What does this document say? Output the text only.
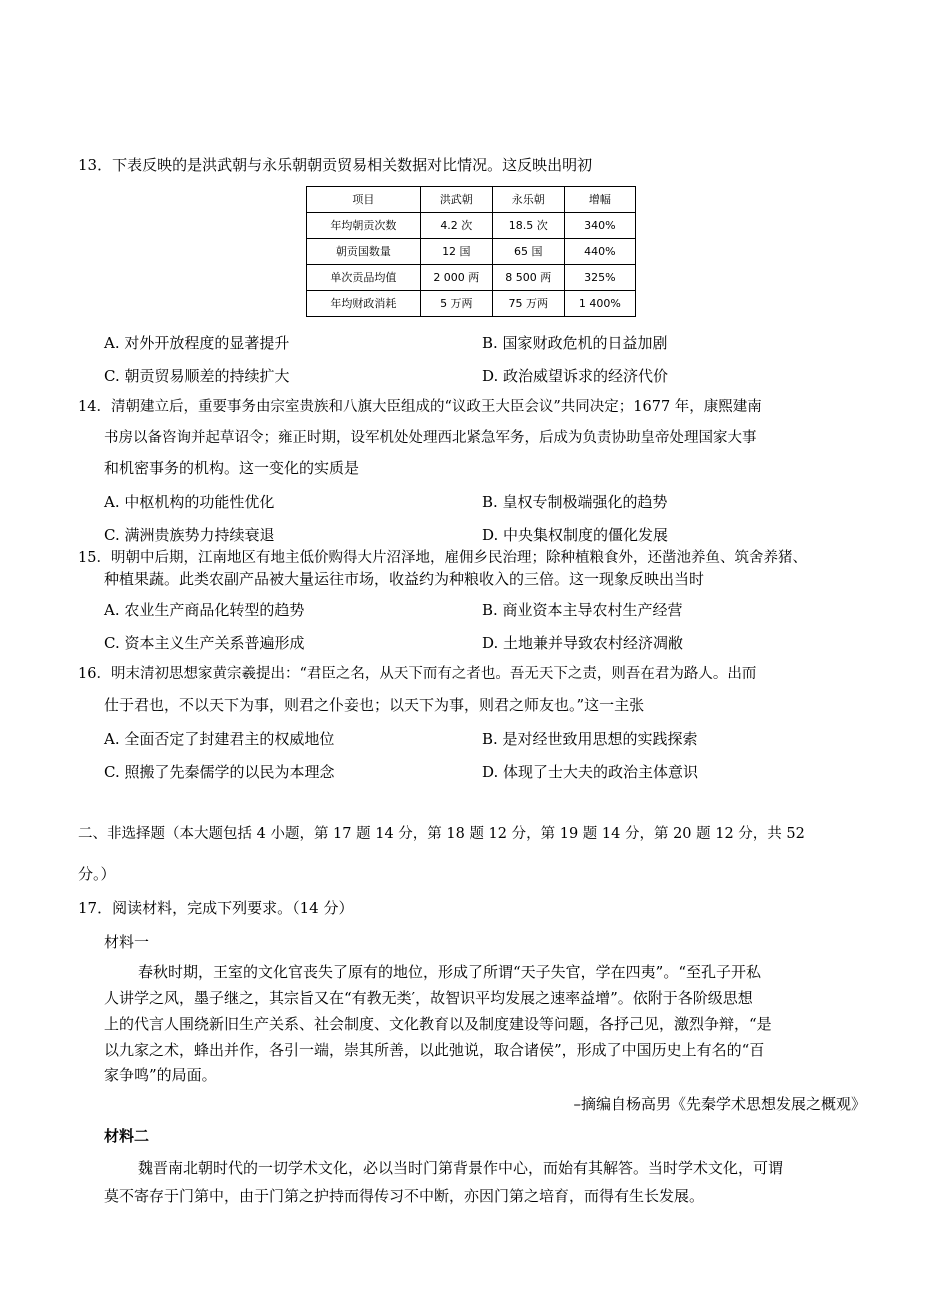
13．下表反映的是洪武朝与永乐朝朝贡贸易相关数据对比情况。这反映出明初
项目	洪武朝	永乐朝	增幅
年均朝贡次数	4.2 次	18.5 次	340%
朝贡国数量	12 国	65 国	440%
单次贡品均值	2 000 两	8 500 两	325%
年均财政消耗	5 万两	75 万两	1 400%
A. 对外开放程度的显著提升	B. 国家财政危机的日益加剧
C. 朝贡贸易顺差的持续扩大	D. 政治威望诉求的经济代价
14．清朝建立后，重要事务由宗室贵族和八旗大臣组成的“议政王大臣会议”共同决定；1677 年，康熙建南
书房以备咨询并起草诏令；雍正时期，设军机处处理西北紧急军务，后成为负责协助皇帝处理国家大事
和机密事务的机构。这一变化的实质是
A. 中枢机构的功能性优化	B. 皇权专制极端强化的趋势
C. 满洲贵族势力持续衰退	D. 中央集权制度的僵化发展
15．明朝中后期，江南地区有地主低价购得大片沼泽地，雇佣乡民治理；除种植粮食外，还凿池养鱼、筑舍养猪、
种植果蔬。此类农副产品被大量运往市场，收益约为种粮收入的三倍。这一现象反映出当时
A. 农业生产商品化转型的趋势	B. 商业资本主导农村生产经营
C. 资本主义生产关系普遍形成	D. 土地兼并导致农村经济凋敝
16．明末清初思想家黄宗羲提出：“君臣之名，从天下而有之者也。吾无天下之责，则吾在君为路人。出而
仕于君也，不以天下为事，则君之仆妾也；以天下为事，则君之师友也。”这一主张
A. 全面否定了封建君主的权威地位	B. 是对经世致用思想的实践探索
C. 照搬了先秦儒学的以民为本理念	D. 体现了士大夫的政治主体意识
二、非选择题（本大题包括 4 小题，第 17 题 14 分，第 18 题 12 分，第 19 题 14 分，第 20 题 12 分，共 52
分。）
17．阅读材料，完成下列要求。（14 分）
材料一
春秋时期，王室的文化官丧失了原有的地位，形成了所谓“天子失官，学在四夷”。“至孔子开私
人讲学之风，墨子继之，其宗旨又在“有教无类′，故智识平均发展之速率益增”。依附于各阶级思想
上的代言人围绕新旧生产关系、社会制度、文化教育以及制度建设等问题，各抒己见，激烈争辩，“是
以九家之术，蜂出并作，各引一端，崇其所善，以此弛说，取合诸侯”，形成了中国历史上有名的“百
家争鸣”的局面。
–摘编自杨高男《先秦学术思想发展之概观》
材料二
魏晋南北朝时代的一切学术文化，必以当时门第背景作中心，而始有其解答。当时学术文化，可谓
莫不寄存于门第中，由于门第之护持而得传习不中断，亦因门第之培育，而得有生长发展。
